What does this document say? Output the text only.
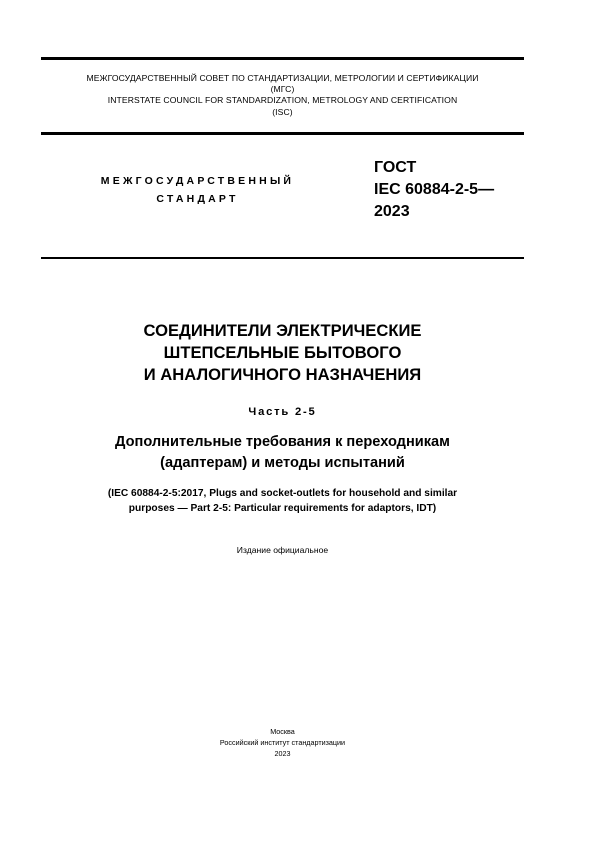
МЕЖГОСУДАРСТВЕННЫЙ СОВЕТ ПО СТАНДАРТИЗАЦИИ, МЕТРОЛОГИИ И СЕРТИФИКАЦИИ
(МГС)
INTERSTATE COUNCIL FOR STANDARDIZATION, METROLOGY AND CERTIFICATION
(ISC)
МЕЖГОСУДАРСТВЕННЫЙ
СТАНДАРТ
ГОСТ
IEC 60884-2-5—
2023
СОЕДИНИТЕЛИ ЭЛЕКТРИЧЕСКИЕ
ШТЕПСЕЛЬНЫЕ БЫТОВОГО
И АНАЛОГИЧНОГО НАЗНАЧЕНИЯ
Часть 2-5
Дополнительные требования к переходникам
(адаптерам) и методы испытаний
(IEC 60884-2-5:2017, Plugs and socket-outlets for household and similar
purposes — Part 2-5: Particular requirements for adaptors, IDT)
Издание официальное
Москва
Российский институт стандартизации
2023
